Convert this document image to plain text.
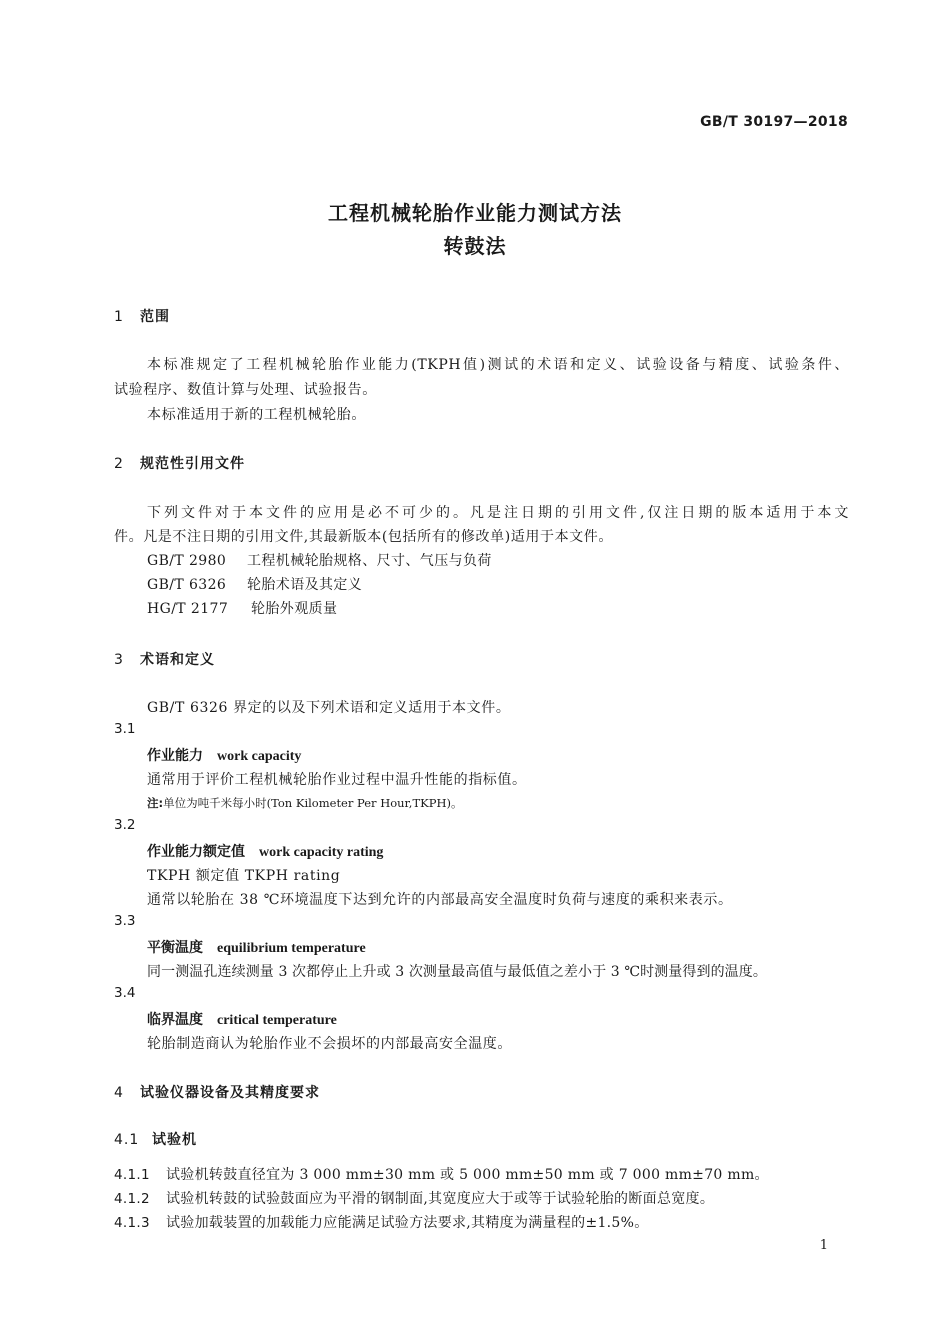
GB/T 30197—2018
工程机械轮胎作业能力测试方法
转鼓法
1 范围
本标准规定了工程机械轮胎作业能力(TKPH值)测试的术语和定义、试验设备与精度、试验条件、
试验程序、数值计算与处理、试验报告。
本标准适用于新的工程机械轮胎。
2 规范性引用文件
下列文件对于本文件的应用是必不可少的。凡是注日期的引用文件,仅注日期的版本适用于本文
件。凡是不注日期的引用文件,其最新版本(包括所有的修改单)适用于本文件。
GB/T 2980 工程机械轮胎规格、尺寸、气压与负荷
GB/T 6326 轮胎术语及其定义
HG/T 2177 轮胎外观质量
3 术语和定义
GB/T 6326 界定的以及下列术语和定义适用于本文件。
3.1
作业能力 work capacity
通常用于评价工程机械轮胎作业过程中温升性能的指标值。
注:单位为吨千米每小时(Ton Kilometer Per Hour,TKPH)。
3.2
作业能力额定值 work capacity rating
TKPH 额定值 TKPH rating
通常以轮胎在 38 ℃环境温度下达到允许的内部最高安全温度时负荷与速度的乘积来表示。
3.3
平衡温度 equilibrium temperature
同一测温孔连续测量 3 次都停止上升或 3 次测量最高值与最低值之差小于 3 ℃时测量得到的温度。
3.4
临界温度 critical temperature
轮胎制造商认为轮胎作业不会损坏的内部最高安全温度。
4 试验仪器设备及其精度要求
4.1 试验机
4.1.1 试验机转鼓直径宜为 3 000 mm±30 mm 或 5 000 mm±50 mm 或 7 000 mm±70 mm。
4.1.2 试验机转鼓的试验鼓面应为平滑的钢制面,其宽度应大于或等于试验轮胎的断面总宽度。
4.1.3 试验加载装置的加载能力应能满足试验方法要求,其精度为满量程的±1.5%。
1
